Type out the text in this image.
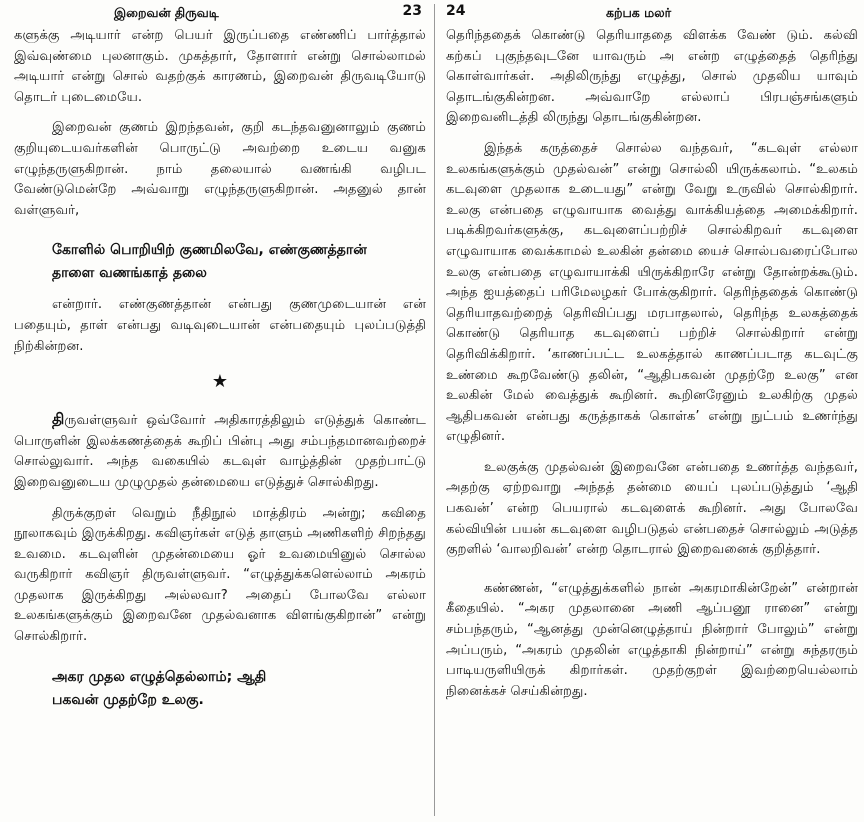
இறைவன் திருவடி	23

களுக்கு அடியார் என்ற பெயர் இருப்பதை எண்ணிப் பார்த்தால் இவ்வுண்மை புலனாகும். முகத்தார், தோளார் என்று சொல்லாமல் அடியார் என்று சொல் வதற்குக் காரணம், இறைவன் திருவடியோடு தொடர் புடைமையே.

இறைவன் குணம் இறந்தவன், குறி கடந்தவனுனாலும் குணம் குறியுடையவர்களின் பொருட்டு அவற்றை உடைய வனுக எழுந்தருளுகிறான். நாம் தலையால் வணங்கி வழிபட வேண்டுமென்றே அவ்வாறு எழுந்தருளுகிறான். அதனுல் தான் வள்ளுவர்,

கோளில் பொறியிற் குணமிலவே, எண்குணத்தான்
தாளை வணங்காத் தலை

என்றார். எண்குணத்தான் என்பது குணமுடையான் என் பதையும், தாள் என்பது வடிவுடையான் என்பதையும் புலப்படுத்தி நிற்கின்றன.

★

திருவள்ளுவர் ஒவ்வோர் அதிகாரத்திலும் எடுத்துக் கொண்ட பொருளின் இலக்கணத்தைக் கூறிப் பின்பு அது சம்பந்தமானவற்றைச் சொல்லுவார். அந்த வகையில் கடவுள் வாழ்த்தின் முதற்பாட்டு இறைவனுடைய முழுமுதல் தன்மையை எடுத்துச் சொல்கிறது.

திருக்குறள் வெறும் நீதிநூல் மாத்திரம் அன்று; கவிதை நூலாகவும் இருக்கிறது. கவிஞர்கள் எடுத் தாளும் அணிகளிற் சிறந்தது உவமை. கடவுளின் முதன்மையை ஓர் உவமையினுல் சொல்ல வருகிறார் கவிஞர் திருவள்ளுவர். “எழுத்துக்களெல்லாம் அகரம் முதலாக இருக்கிறது அல்லவா? அதைப் போலவே எல்லா உலகங்களுக்கும் இறைவனே முதல்வனாக விளங்குகிறான்” என்று சொல்கிறார்.

அகர முதல எழுத்தெல்லாம்; ஆதி
பகவன் முதற்றே உலகு.
24	கற்பக மலர்

தெரிந்ததைக் கொண்டு தெரியாததை விளக்க வேண் டும். கல்வி கற்கப் புகுந்தவுடனே யாவரும் அ என்ற எழுத்தைத் தெரிந்து கொள்வார்கள். அதிலிருந்து எழுத்து, சொல் முதலிய யாவும் தொடங்குகின்றன. அவ்வாறே எல்லாப் பிரபஞ்சங்களும் இறைவனிடத்தி லிருந்து தொடங்குகின்றன.

இந்தக் கருத்தைச் சொல்ல வந்தவர், “கடவுள் எல்லா உலகங்களுக்கும் முதல்வன்” என்று சொல்லி யிருக்கலாம். “உலகம் கடவுளை முதலாக உடையது” என்று வேறு உருவில் சொல்கிறார். உலகு என்பதை எழுவாயாக வைத்து வாக்கியத்தை அமைக்கிறார். படிக்கிறவர்களுக்கு, கடவுளைப்பற்றிச் சொல்கிறவர் கடவுளை எழுவாயாக வைக்காமல் உலகின் தன்மை யைச் சொல்பவரைப்போல உலகு என்பதை எழுவாயாக்கி யிருக்கிறாரே என்று தோன்றக்கூடும். அந்த ஐயத்தைப் பரிமேலழகர் போக்குகிறார். தெரிந்ததைக் கொண்டு தெரியாதவற்றைத் தெரிவிப்பது மரபாதலால், தெரிந்த உலகத்தைக் கொண்டு தெரியாத கடவுளைப் பற்றிச் சொல்கிறார் என்று தெரிவிக்கிறார். ‘காணப்பட்ட உலகத்தால் காணப்படாத கடவுட்கு உண்மை கூறவேண்டு தலின், “ஆதிபகவன் முதற்றே உலகு” என உலகின் மேல் வைத்துக் கூறினர். கூறினரேனும் உலகிற்கு முதல் ஆதிபகவன் என்பது கருத்தாகக் கொள்க’ என்று நுட்பம் உணர்ந்து எழுதினர்.

உலகுக்கு முதல்வன் இறைவனே என்பதை உணர்த்த வந்தவர், அதற்கு ஏற்றவாறு அந்தத் தன்மை யைப் புலப்படுத்தும் ‘ஆதி பகவன்’ என்ற பெயரால் கடவுளைக் கூறினர். அது போலவே கல்வியின் பயன் கடவுளை வழிபடுதல் என்பதைச் சொல்லும் அடுத்த குறளில் ‘வாலறிவன்’ என்ற தொடரால் இறைவனைக் குறித்தார்.

கண்ணன், “எழுத்துக்களில் நான் அகரமாகின்றேன்” என்றான் கீதையில். “அகர முதலானை அணி ஆப்பனூ ரானை” என்று சம்பந்தரும், “ஆனத்து முன்னெழுத்தாய் நின்றார் போலும்” என்று அப்பரும், “அகரம் முதலின் எழுத்தாகி நின்றாய்” என்று சுந்தரரும் பாடியருளியிருக் கிறார்கள். முதற்குறள் இவற்றையெல்லாம் நினைக்கச் செய்கின்றது.
